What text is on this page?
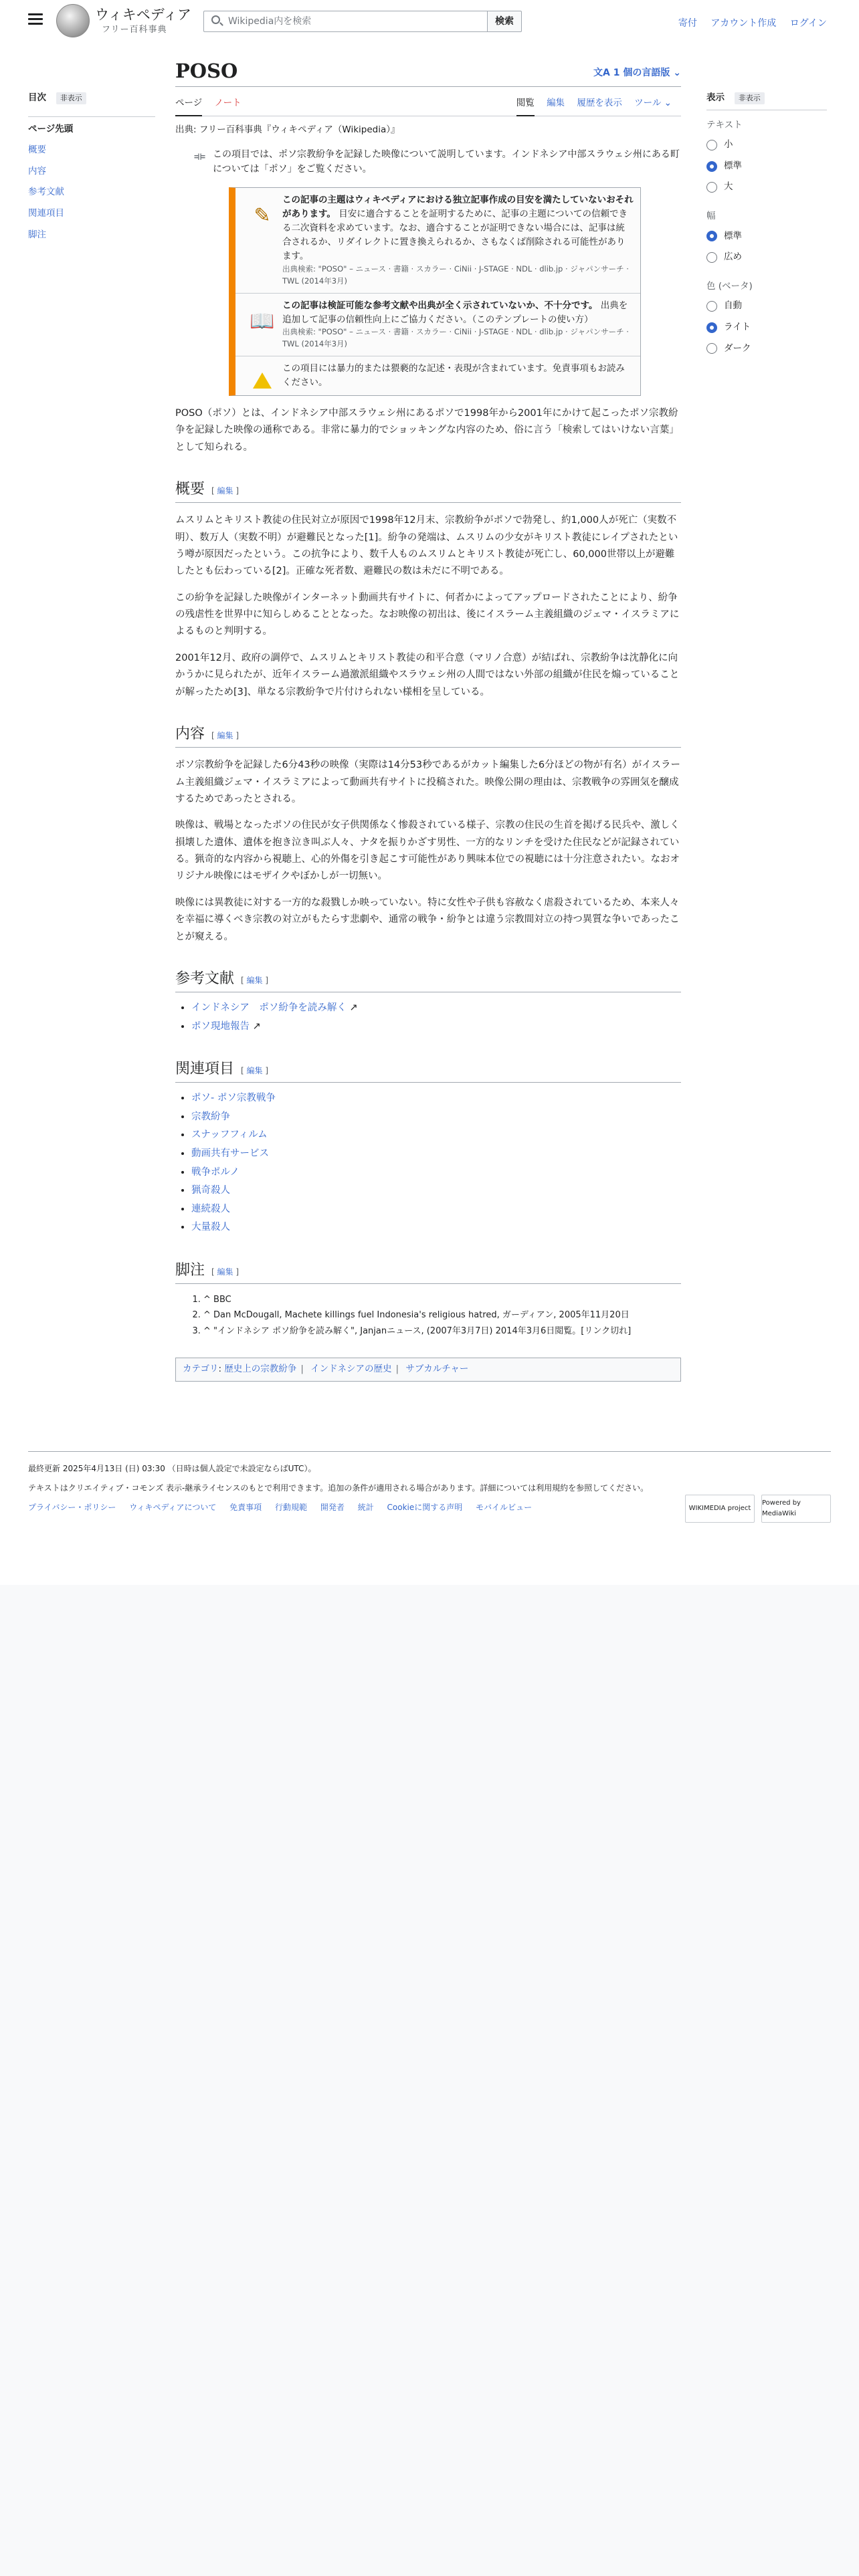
ウィキペディア
フリー百科事典
Wikipedia内を検索	検索	寄付 アカウント作成 ログイン
目次 非表示
ページ先頭
概要
内容
参考文献
関連項目
脚注
POSO	文A 1 個の言語版 ⌄
ページ ノート	閲覧 編集 履歴を表示 ツール ⌄
出典: フリー百科事典『ウィキペディア（Wikipedia）』
⟚ この項目では、ポソ宗教紛争を記録した映像について説明しています。インドネシア中部スラウェシ州にある町については「ポソ」をご覧ください。
✎
この記事の主題はウィキペディアにおける独立記事作成の目安を満たしていないおそれがあります。 目安に適合することを証明するために、記事の主題についての信頼できる二次資料を求めています。なお、適合することが証明できない場合には、記事は統合されるか、リダイレクトに置き換えられるか、さもなくば削除される可能性があります。
出典検索: "POSO" – ニュース · 書籍 · スカラー · CiNii · J-STAGE · NDL · dlib.jp · ジャパンサーチ · TWL (2014年3月)
📖
この記事は検証可能な参考文献や出典が全く示されていないか、不十分です。 出典を追加して記事の信頼性向上にご協力ください。（このテンプレートの使い方）
出典検索: "POSO" – ニュース · 書籍 · スカラー · CiNii · J-STAGE · NDL · dlib.jp · ジャパンサーチ · TWL (2014年3月)
この項目には暴力的または猥褻的な記述・表現が含まれています。免責事項もお読みください。

POSO（ポソ）とは、インドネシア中部スラウェシ州にあるポソで1998年から2001年にかけて起こったポソ宗教紛争を記録した映像の通称である。非常に暴力的でショッキングな内容のため、俗に言う「検索してはいけない言葉」として知られる。

概要 [ 編集 ]

ムスリムとキリスト教徒の住民対立が原因で1998年12月末、宗教紛争がポソで勃発し、約1,000人が死亡（実数不明）、数万人（実数不明）が避難民となった[1]。紛争の発端は、ムスリムの少女がキリスト教徒にレイプされたという噂が原因だったという。この抗争により、数千人ものムスリムとキリスト教徒が死亡し、60,000世帯以上が避難したとも伝わっている[2]。正確な死者数、避難民の数は未だに不明である。

この紛争を記録した映像がインターネット動画共有サイトに、何者かによってアップロードされたことにより、紛争の残虐性を世界中に知らしめることとなった。なお映像の初出は、後にイスラーム主義組織のジェマ・イスラミアによるものと判明する。

2001年12月、政府の調停で、ムスリムとキリスト教徒の和平合意（マリノ合意）が結ばれ、宗教紛争は沈静化に向かうかに見られたが、近年イスラーム過激派組織やスラウェシ州の人間ではない外部の組織が住民を煽っていることが解ったため[3]、単なる宗教紛争で片付けられない様相を呈している。

内容 [ 編集 ]

ポソ宗教紛争を記録した6分43秒の映像（実際は14分53秒であるがカット編集した6分ほどの物が有名）がイスラーム主義組織ジェマ・イスラミアによって動画共有サイトに投稿された。映像公開の理由は、宗教戦争の雰囲気を醸成するためであったとされる。

映像は、戦場となったポソの住民が女子供関係なく惨殺されている様子、宗教の住民の生首を掲げる民兵や、激しく損壊した遺体、遺体を抱き泣き叫ぶ人々、ナタを振りかざす男性、一方的なリンチを受けた住民などが記録されている。猟奇的な内容から視聴上、心的外傷を引き起こす可能性があり興味本位での視聴には十分注意されたい。なおオリジナル映像にはモザイクやぼかしが一切無い。

映像には異教徒に対する一方的な殺戮しか映っていない。特に女性や子供も容赦なく虐殺されているため、本来人々を幸福に導くべき宗教の対立がもたらす悲劇や、通常の戦争・紛争とは違う宗教間対立の持つ異質な争いであったことが窺える。

参考文献 [ 編集 ]
• インドネシア　ポソ紛争を読み解く ↗
• ポソ現地報告 ↗
関連項目 [ 編集 ]
• ポソ- ポソ宗教戦争
• 宗教紛争
• スナッフフィルム
• 動画共有サービス
• 戦争ポルノ
• 猟奇殺人
• 連続殺人
• 大量殺人
脚注 [ 編集 ]
1. ^ BBC
2. ^ Dan McDougall, Machete killings fuel Indonesia's religious hatred, ガーディアン, 2005年11月20日
3. ^ "インドネシア ポソ紛争を読み解く", Janjanニュース, (2007年3月7日) 2014年3月6日閲覧。[リンク切れ]
カテゴリ: 歴史上の宗教紛争 | インドネシアの歴史 | サブカルチャー
表示 非表示
テキスト
小
標準
大
幅
標準
広め
色 (ベータ)
自動
ライト
ダーク

最終更新 2025年4月13日 (日) 03:30 （日時は個人設定で未設定ならばUTC）。

テキストはクリエイティブ・コモンズ 表示-継承ライセンスのもとで利用できます。追加の条件が適用される場合があります。詳細については利用規約を参照してください。

プライバシー・ポリシー ウィキペディアについて 免責事項 行動規範 開発者 統計 Cookieに関する声明 モバイルビュー	WIKIMEDIA project
Powered by MediaWiki
